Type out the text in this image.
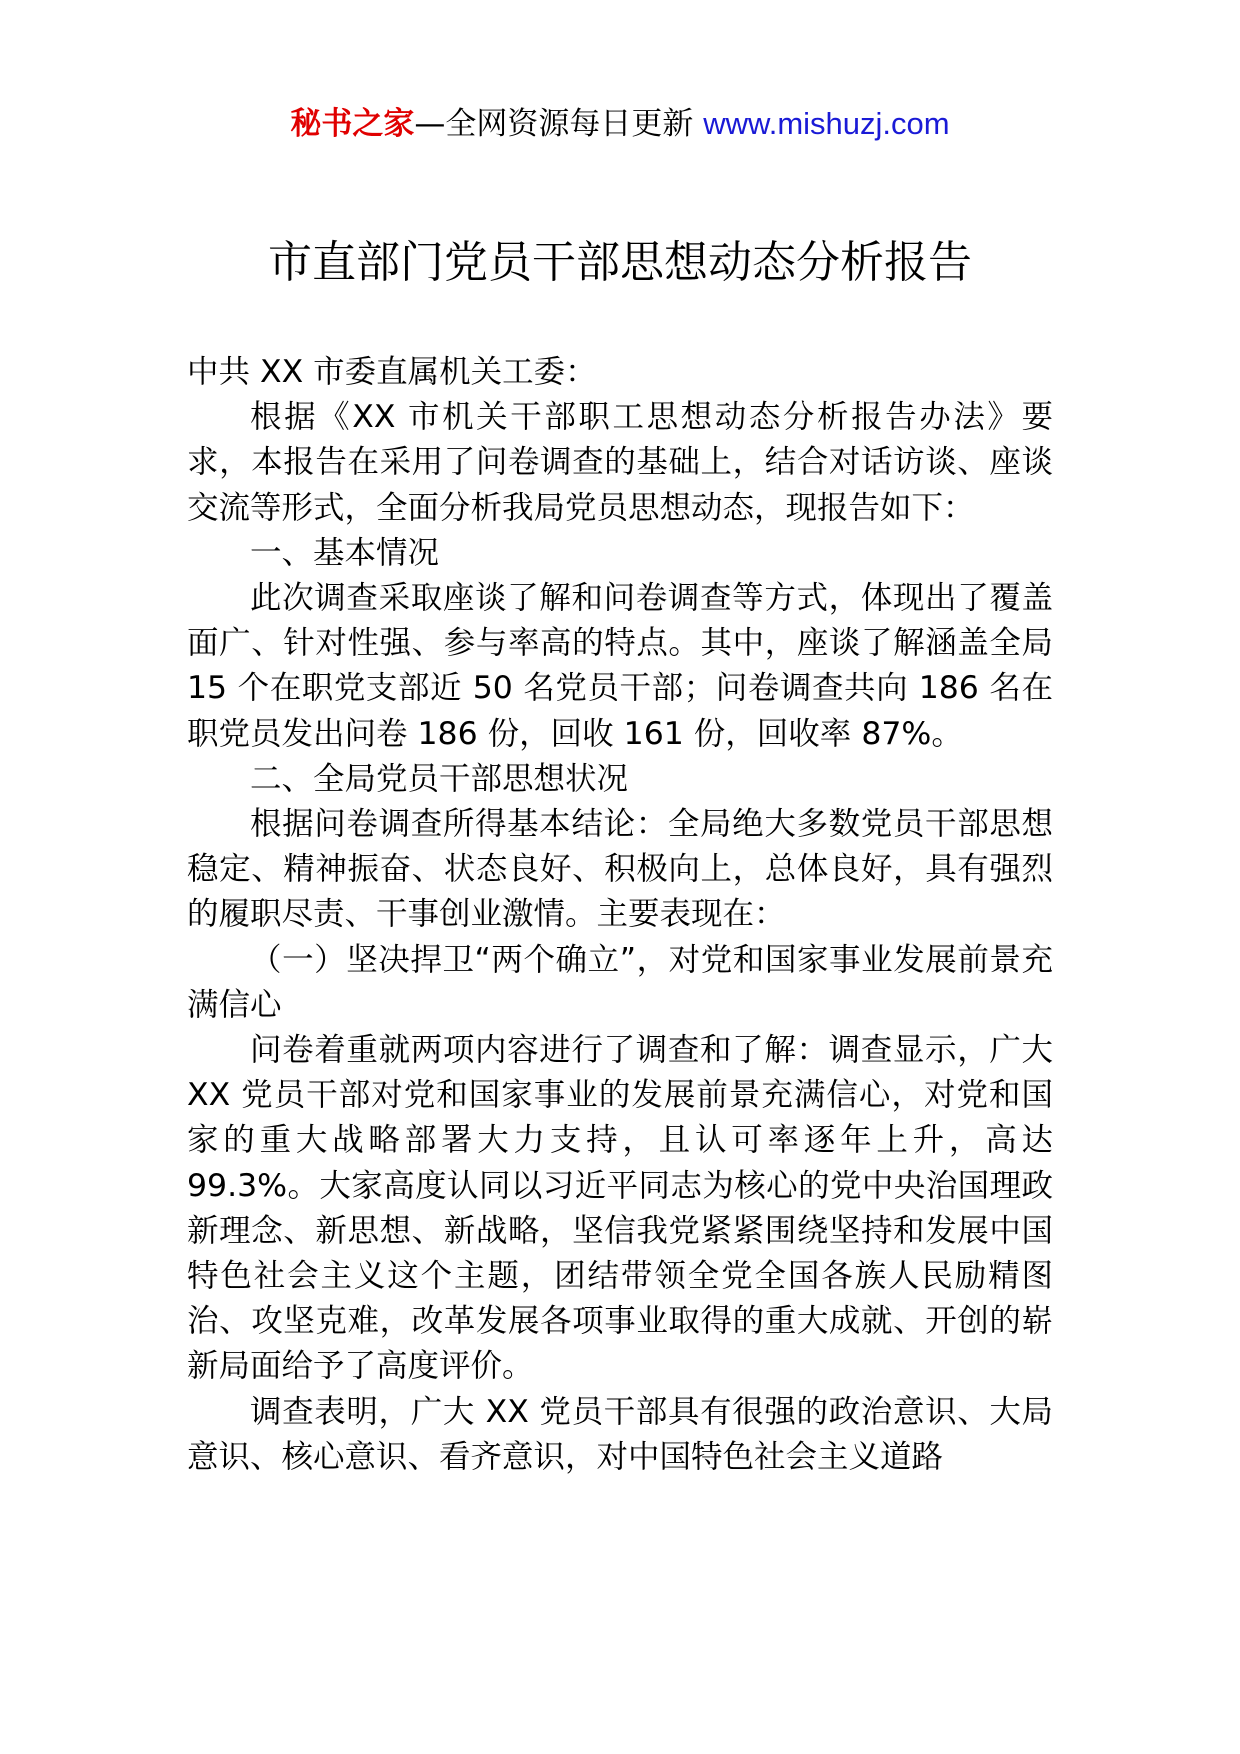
秘书之家—全网资源每日更新 www.mishuzj.com
市直部门党员干部思想动态分析报告

中共 XX 市委直属机关工委：

根据《XX 市机关干部职工思想动态分析报告办法》要求，本报告在采用了问卷调查的基础上，结合对话访谈、座谈交流等形式，全面分析我局党员思想动态，现报告如下：

一、基本情况

此次调查采取座谈了解和问卷调查等方式，体现出了覆盖面广、针对性强、参与率高的特点。其中，座谈了解涵盖全局 15 个在职党支部近 50 名党员干部；问卷调查共向 186 名在职党员发出问卷 186 份，回收 161 份，回收率 87%。

二、全局党员干部思想状况

根据问卷调查所得基本结论：全局绝大多数党员干部思想稳定、精神振奋、状态良好、积极向上，总体良好，具有强烈的履职尽责、干事创业激情。主要表现在：

（一）坚决捍卫“两个确立”，对党和国家事业发展前景充满信心

问卷着重就两项内容进行了调查和了解：调查显示，广大 XX 党员干部对党和国家事业的发展前景充满信心，对党和国家的重大战略部署大力支持，且认可率逐年上升，高达 99.3%。大家高度认同以习近平同志为核心的党中央治国理政新理念、新思想、新战略，坚信我党紧紧围绕坚持和发展中国特色社会主义这个主题，团结带领全党全国各族人民励精图治、攻坚克难，改革发展各项事业取得的重大成就、开创的崭新局面给予了高度评价。

调查表明，广大 XX 党员干部具有很强的政治意识、大局意识、核心意识、看齐意识，对中国特色社会主义道路
